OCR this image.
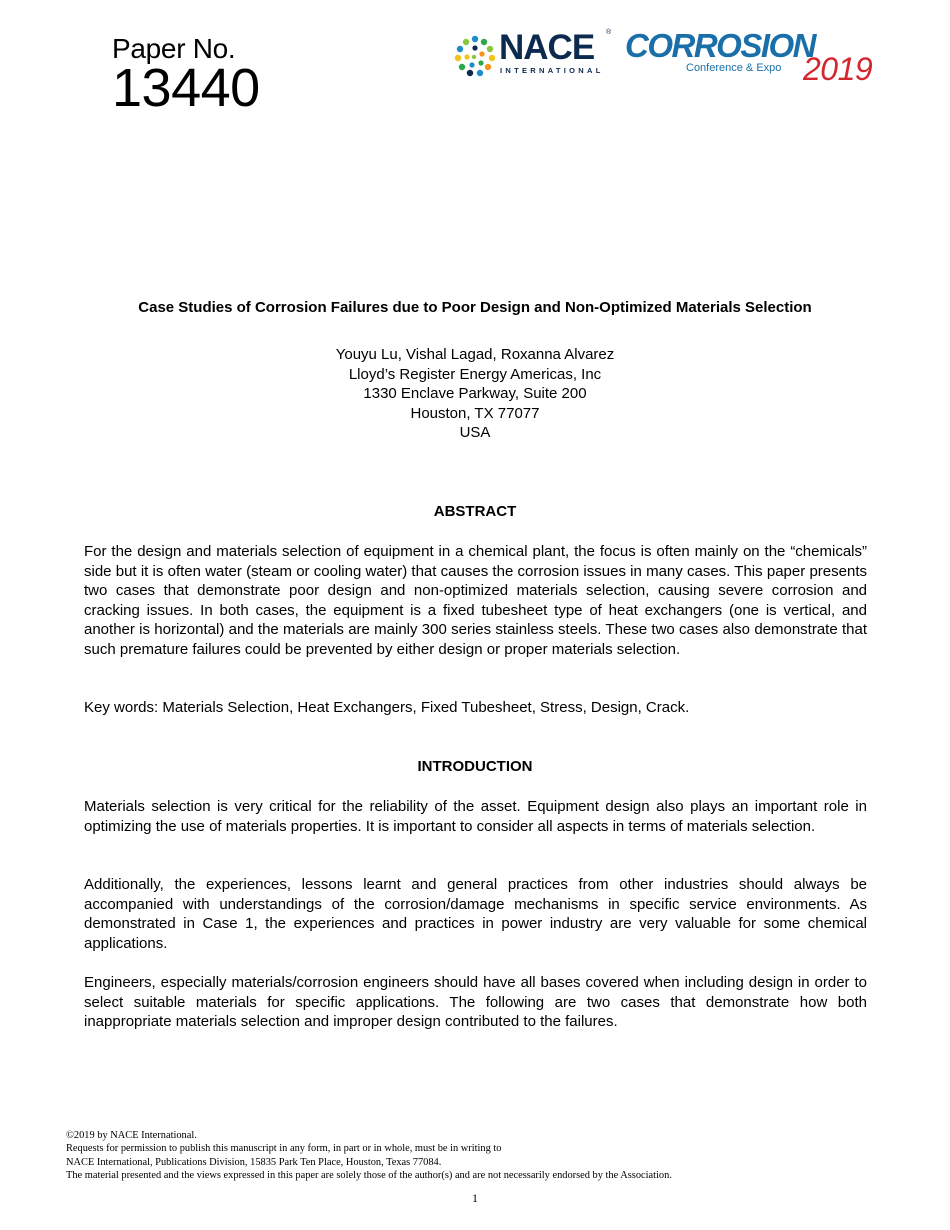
Paper No.
13440
NACE ®
INTERNATIONAL
CORROSION
Conference & Expo 2019
Case Studies of Corrosion Failures due to Poor Design and Non-Optimized Materials Selection
Youyu Lu, Vishal Lagad, Roxanna Alvarez
Lloyd’s Register Energy Americas, Inc
1330 Enclave Parkway, Suite 200
Houston, TX 77077
USA
ABSTRACT
For the design and materials selection of equipment in a chemical plant, the focus is often mainly on the “chemicals” side but it is often water (steam or cooling water) that causes the corrosion issues in many cases. This paper presents two cases that demonstrate poor design and non-optimized materials selection, causing severe corrosion and cracking issues. In both cases, the equipment is a fixed tubesheet type of heat exchangers (one is vertical, and another is horizontal) and the materials are mainly 300 series stainless steels. These two cases also demonstrate that such premature failures could be prevented by either design or proper materials selection.
Key words: Materials Selection, Heat Exchangers, Fixed Tubesheet, Stress, Design, Crack.
INTRODUCTION
Materials selection is very critical for the reliability of the asset. Equipment design also plays an important role in optimizing the use of materials properties. It is important to consider all aspects in terms of materials selection.
Additionally, the experiences, lessons learnt and general practices from other industries should always be accompanied with understandings of the corrosion/damage mechanisms in specific service environments. As demonstrated in Case 1, the experiences and practices in power industry are very valuable for some chemical applications.
Engineers, especially materials/corrosion engineers should have all bases covered when including design in order to select suitable materials for specific applications. The following are two cases that demonstrate how both inappropriate materials selection and improper design contributed to the failures.
©2019 by NACE International.
Requests for permission to publish this manuscript in any form, in part or in whole, must be in writing to
NACE International, Publications Division, 15835 Park Ten Place, Houston, Texas 77084.
The material presented and the views expressed in this paper are solely those of the author(s) and are not necessarily endorsed by the Association.
1
